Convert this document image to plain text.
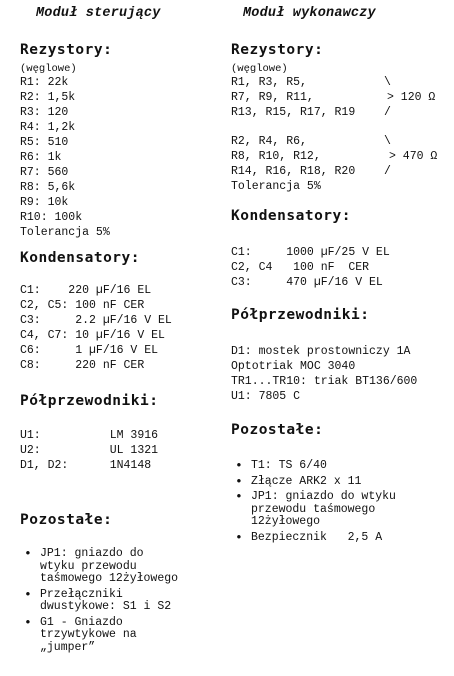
Moduł sterujący
Rezystory:
(węglowe)
R1: 22k
R2: 1,5k
R3: 120
R4: 1,2k
R5: 510
R6: 1k
R7: 560
R8: 5,6k
R9: 10k
R10: 100k
Tolerancja 5%
Kondensatory:
C1:    220 µF/16 EL
C2, C5: 100 nF CER
C3:     2.2 µF/16 V EL
C4, C7: 10 µF/16 V EL
C6:     1 µF/16 V EL
C8:     220 nF CER
Półprzewodniki:
U1:          LM 3916
U2:          UL 1321
D1, D2:      1N4148
Pozostałe:
• JP1: gniazdo do
wtyku przewodu
taśmowego 12żyłowego
• Przełączniki
dwustykowe: S1 i S2
• G1 - Gniazdo
trzywtykowe na
„jumper”
Moduł wykonawczy
Rezystory:
(węglowe)
R1, R3, R5,
R7, R9, R11,
R13, R15, R17, R19
\
> 120 Ω
/
R2, R4, R6,
R8, R10, R12,
R14, R16, R18, R20
\
> 470 Ω
/
Tolerancja 5%
Kondensatory:
C1:     1000 µF/25 V EL
C2, C4   100 nF  CER
C3:     470 µF/16 V EL
Półprzewodniki:
D1: mostek prostowniczy 1A
Optotriak MOC 3040
TR1...TR10: triak BT136/600
U1: 7805 C
Pozostałe:
• T1: TS 6/40
• Złącze ARK2 x 11
• JP1: gniazdo do wtyku
przewodu taśmowego
12żyłowego
• Bezpiecznik   2,5 A
